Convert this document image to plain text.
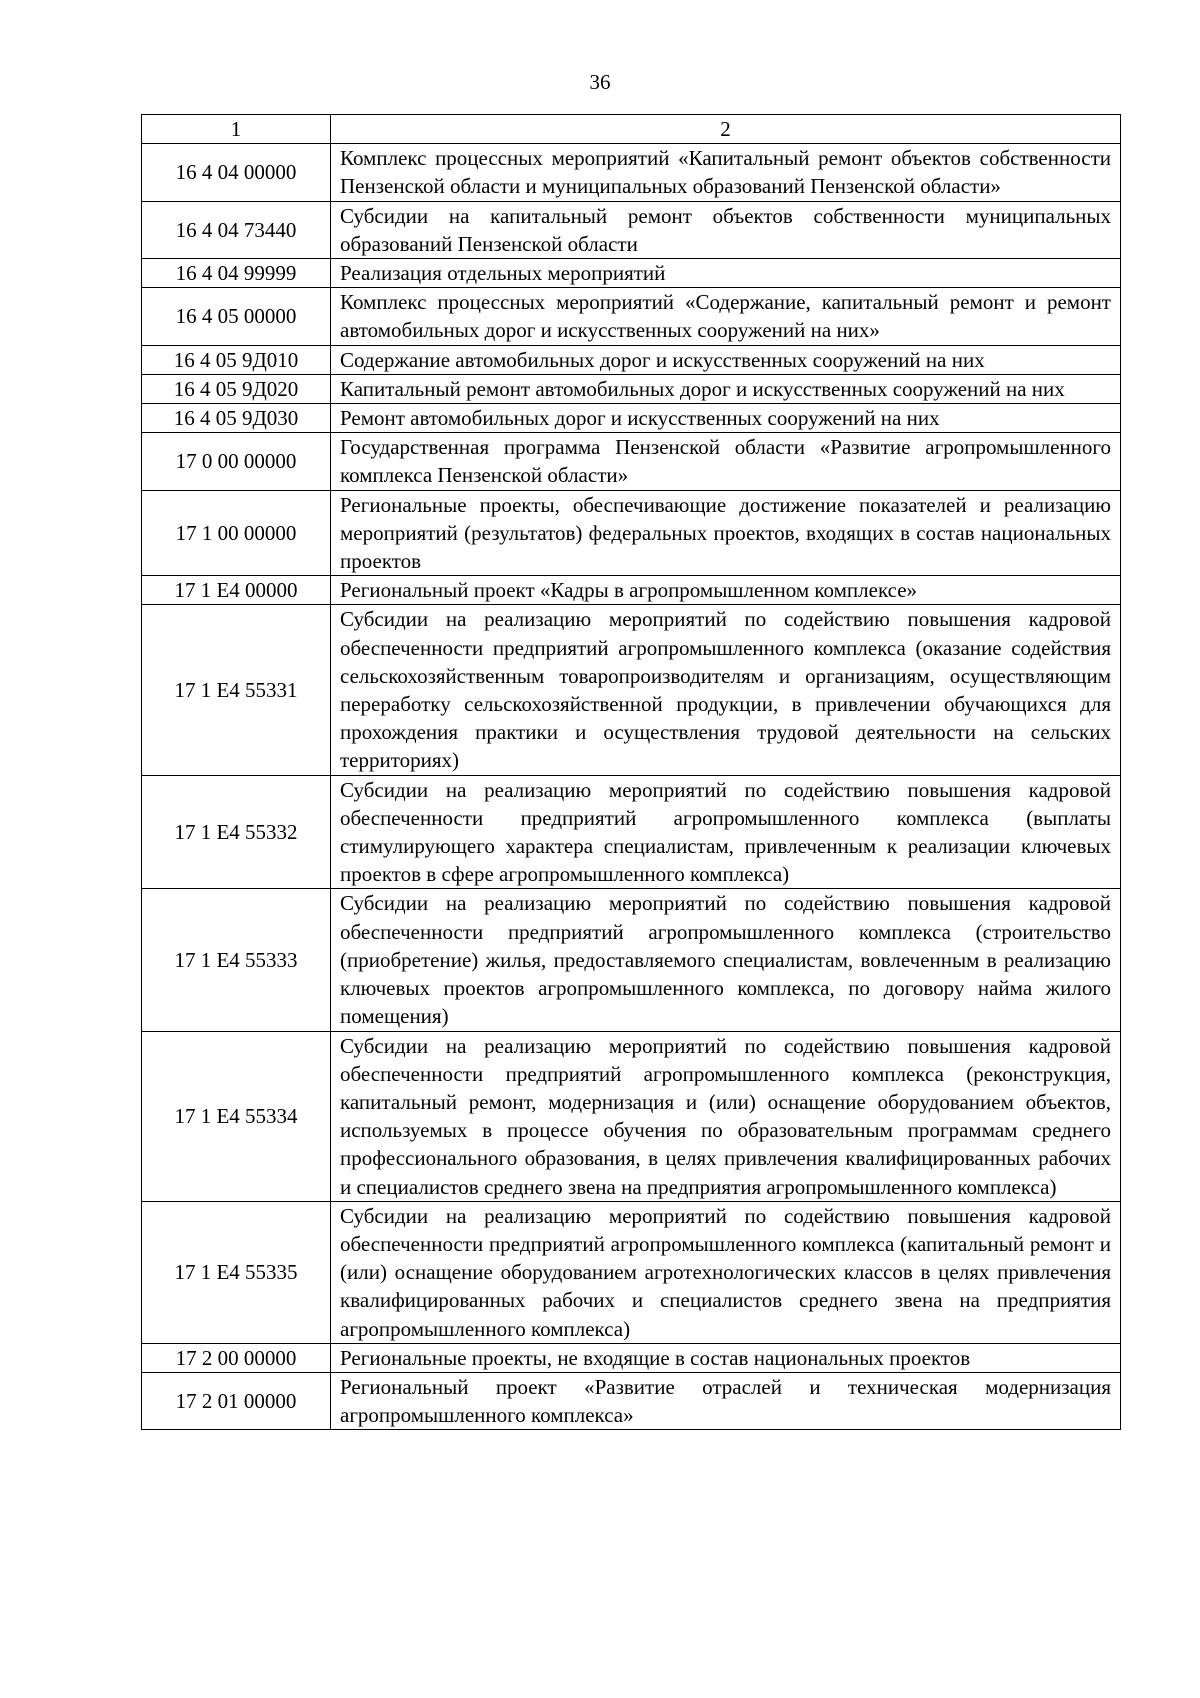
36
1	2
16 4 04 00000	Комплекс процессных мероприятий «Капитальный ремонт объектов собственности Пензенской области и муниципальных образований Пензенской области»
16 4 04 73440	Субсидии на капитальный ремонт объектов собственности муниципальных образований Пензенской области
16 4 04 99999	Реализация отдельных мероприятий
16 4 05 00000	Комплекс процессных мероприятий «Содержание, капитальный ремонт и ремонт автомобильных дорог и искусственных сооружений на них»
16 4 05 9Д010	Содержание автомобильных дорог и искусственных сооружений на них
16 4 05 9Д020	Капитальный ремонт автомобильных дорог и искусственных сооружений на них
16 4 05 9Д030	Ремонт автомобильных дорог и искусственных сооружений на них
17 0 00 00000	Государственная программа Пензенской области «Развитие агропромышленного комплекса Пензенской области»
17 1 00 00000	Региональные проекты, обеспечивающие достижение показателей и реализацию мероприятий (результатов) федеральных проектов, входящих в состав национальных проектов
17 1 Е4 00000	Региональный проект «Кадры в агропромышленном комплексе»
17 1 Е4 55331	Субсидии на реализацию мероприятий по содействию повышения кадровой обеспеченности предприятий агропромышленного комплекса (оказание содействия сельскохозяйственным товаропроизводителям и организациям, осуществляющим переработку сельскохозяйственной продукции, в привлечении обучающихся для прохождения практики и осуществления трудовой деятельности на сельских территориях)
17 1 Е4 55332	Субсидии на реализацию мероприятий по содействию повышения кадровой обеспеченности предприятий агропромышленного комплекса (выплаты стимулирующего характера специалистам, привлеченным к реализации ключевых проектов в сфере агропромышленного комплекса)
17 1 Е4 55333	Субсидии на реализацию мероприятий по содействию повышения кадровой обеспеченности предприятий агропромышленного комплекса (строительство (приобретение) жилья, предоставляемого специалистам, вовлеченным в реализацию ключевых проектов агропромышленного комплекса, по договору найма жилого помещения)
17 1 Е4 55334	Субсидии на реализацию мероприятий по содействию повышения кадровой обеспеченности предприятий агропромышленного комплекса (реконструкция, капитальный ремонт, модернизация и (или) оснащение оборудованием объектов, используемых в процессе обучения по образовательным программам среднего профессионального образования, в целях привлечения квалифицированных рабочих и специалистов среднего звена на предприятия агропромышленного комплекса)
17 1 Е4 55335	Субсидии на реализацию мероприятий по содействию повышения кадровой обеспеченности предприятий агропромышленного комплекса (капитальный ремонт и (или) оснащение оборудованием агротехнологических классов в целях привлечения квалифицированных рабочих и специалистов среднего звена на предприятия агропромышленного комплекса)
17 2 00 00000	Региональные проекты, не входящие в состав национальных проектов
17 2 01 00000	Региональный проект «Развитие отраслей и техническая модернизация агропромышленного комплекса»
